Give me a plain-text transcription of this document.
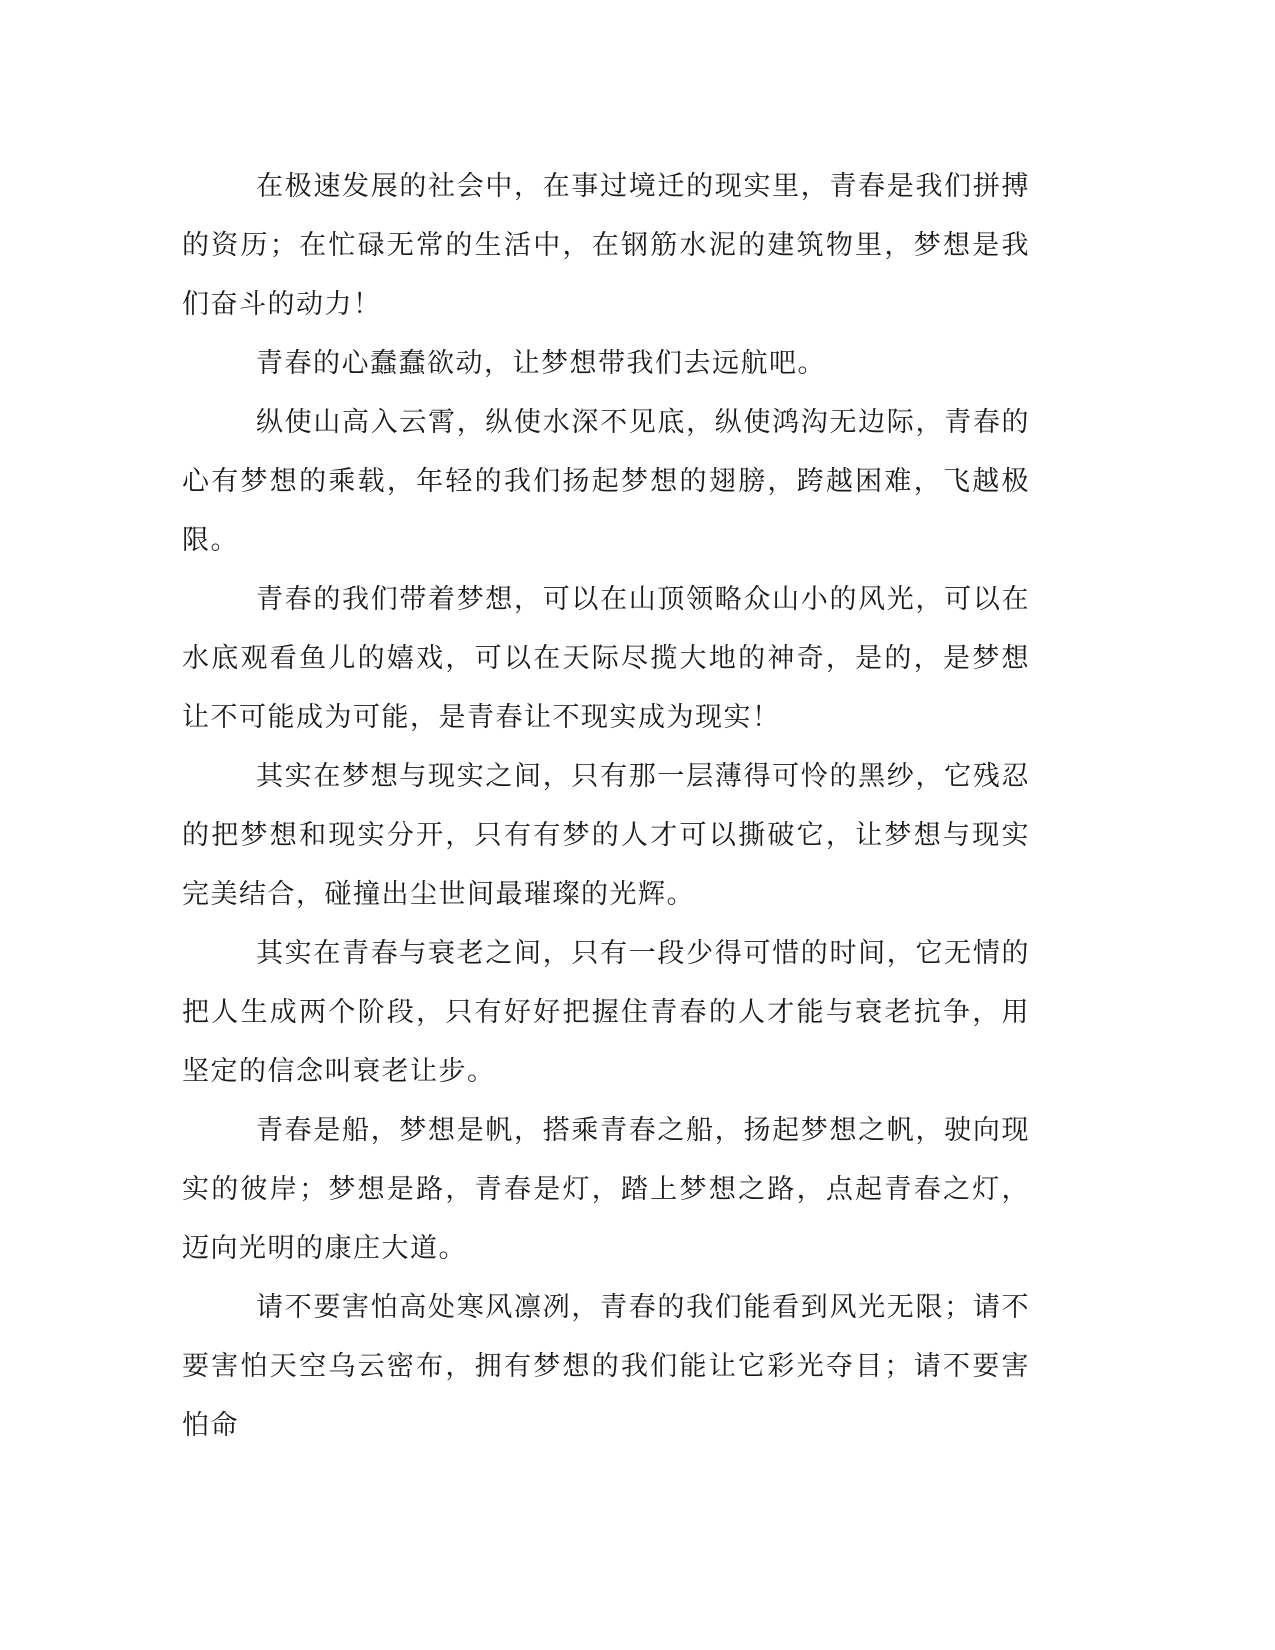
在极速发展的社会中，在事过境迁的现实里，青春是我们拼搏的资历；在忙碌无常的生活中，在钢筋水泥的建筑物里，梦想是我们奋斗的动力！

青春的心蠢蠢欲动，让梦想带我们去远航吧。

纵使山高入云霄，纵使水深不见底，纵使鸿沟无边际，青春的心有梦想的乘载，年轻的我们扬起梦想的翅膀，跨越困难，飞越极限。

青春的我们带着梦想，可以在山顶领略众山小的风光，可以在水底观看鱼儿的嬉戏，可以在天际尽揽大地的神奇，是的，是梦想让不可能成为可能，是青春让不现实成为现实！

其实在梦想与现实之间，只有那一层薄得可怜的黑纱，它残忍的把梦想和现实分开，只有有梦的人才可以撕破它，让梦想与现实完美结合，碰撞出尘世间最璀璨的光辉。

其实在青春与衰老之间，只有一段少得可惜的时间，它无情的把人生成两个阶段，只有好好把握住青春的人才能与衰老抗争，用坚定的信念叫衰老让步。

青春是船，梦想是帆，搭乘青春之船，扬起梦想之帆，驶向现实的彼岸；梦想是路，青春是灯，踏上梦想之路，点起青春之灯，迈向光明的康庄大道。

请不要害怕高处寒风凛冽，青春的我们能看到风光无限；请不要害怕天空乌云密布，拥有梦想的我们能让它彩光夺目；请不要害怕命
